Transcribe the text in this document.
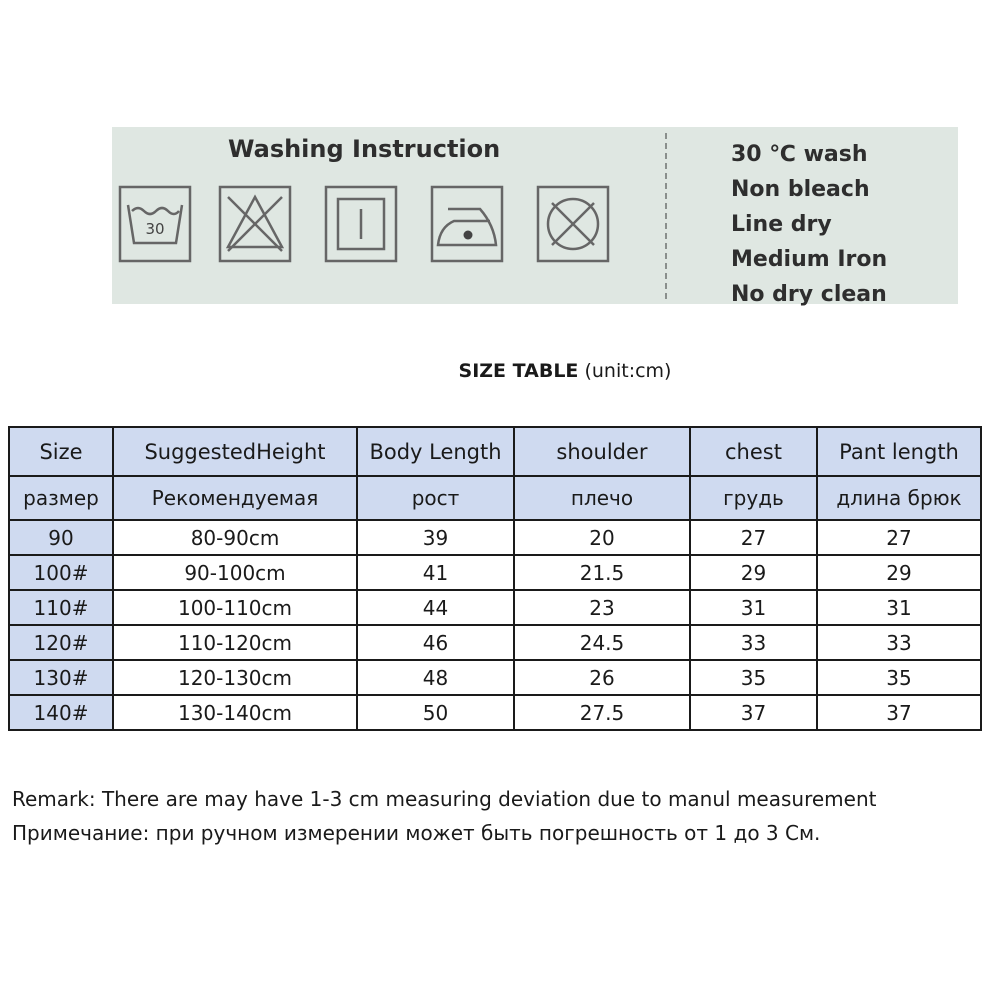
Washing Instruction
30
30 ℃ wash
Non bleach
Line dry
Medium Iron
No dry clean
SIZE TABLE (unit:cm)
Size	SuggestedHeight	Body Length	shoulder	chest	Pant length
размер	Рекомендуемая	рост	плечо	грудь	длина брюк
90	80-90cm	39	20	27	27
100#	90-100cm	41	21.5	29	29
110#	100-110cm	44	23	31	31
120#	110-120cm	46	24.5	33	33
130#	120-130cm	48	26	35	35
140#	130-140cm	50	27.5	37	37
Remark: There are may have 1-3 cm measuring deviation due to manul measurement
Примечание: при ручном измерении может быть погрешность от 1 до 3 См.
